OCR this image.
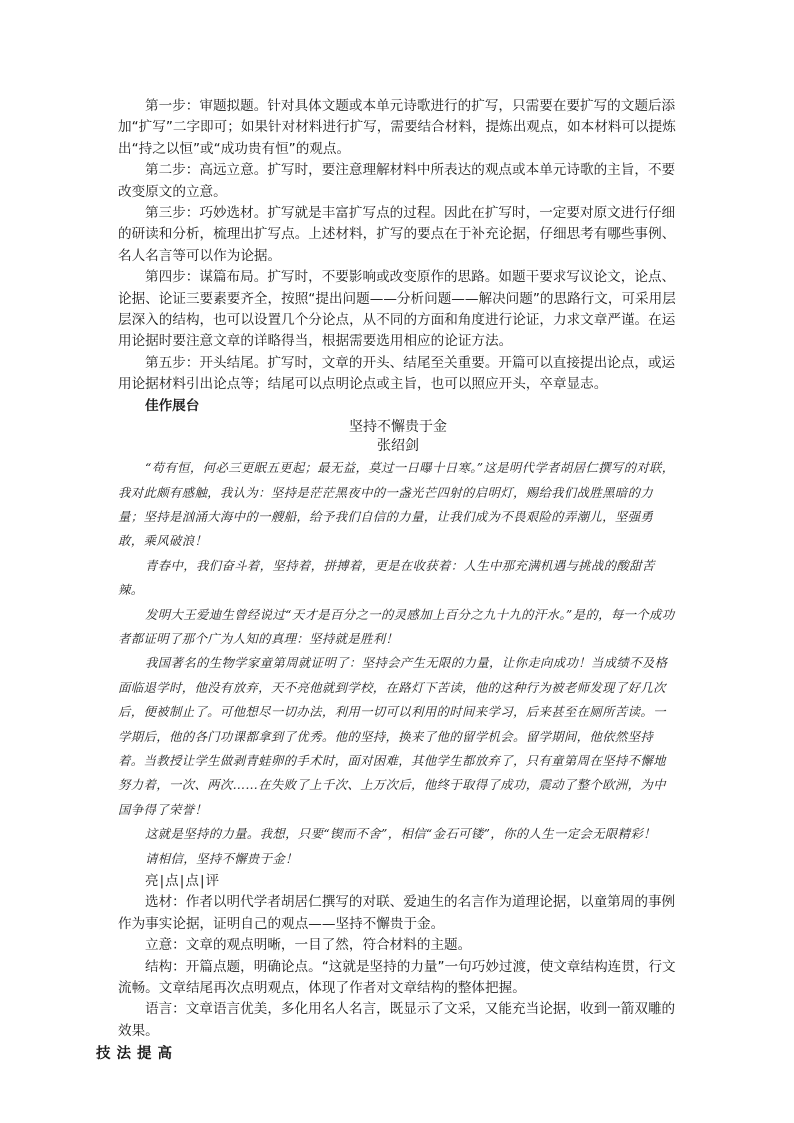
第一步：审题拟题。针对具体文题或本单元诗歌进行的扩写，只需要在要扩写的文题后添加“扩写”二字即可；如果针对材料进行扩写，需要结合材料，提炼出观点，如本材料可以提炼出“持之以恒”或“成功贵有恒”的观点。

第二步：高远立意。扩写时，要注意理解材料中所表达的观点或本单元诗歌的主旨，不要改变原文的立意。

第三步：巧妙选材。扩写就是丰富扩写点的过程。因此在扩写时，一定要对原文进行仔细的研读和分析，梳理出扩写点。上述材料，扩写的要点在于补充论据，仔细思考有哪些事例、名人名言等可以作为论据。

第四步：谋篇布局。扩写时，不要影响或改变原作的思路。如题干要求写议论文，论点、论据、论证三要素要齐全，按照“提出问题——分析问题——解决问题”的思路行文，可采用层层深入的结构，也可以设置几个分论点，从不同的方面和角度进行论证，力求文章严谨。在运用论据时要注意文章的详略得当，根据需要选用相应的论证方法。

第五步：开头结尾。扩写时，文章的开头、结尾至关重要。开篇可以直接提出论点，或运用论据材料引出论点等；结尾可以点明论点或主旨，也可以照应开头，卒章显志。

佳作展台

坚持不懈贵于金

张绍剑

“苟有恒，何必三更眠五更起；最无益，莫过一日曝十日寒。”这是明代学者胡居仁撰写的对联，我对此颇有感触，我认为：坚持是茫茫黑夜中的一盏光芒四射的启明灯，赐给我们战胜黑暗的力量；坚持是汹涌大海中的一艘船，给予我们自信的力量，让我们成为不畏艰险的弄潮儿，坚强勇敢，乘风破浪！

青春中，我们奋斗着，坚持着，拼搏着，更是在收获着：人生中那充满机遇与挑战的酸甜苦辣。

发明大王爱迪生曾经说过“天才是百分之一的灵感加上百分之九十九的汗水。”是的，每一个成功者都证明了那个广为人知的真理：坚持就是胜利！

我国著名的生物学家童第周就证明了：坚持会产生无限的力量，让你走向成功！当成绩不及格面临退学时，他没有放弃，天不亮他就到学校，在路灯下苦读，他的这种行为被老师发现了好几次后，便被制止了。可他想尽一切办法，利用一切可以利用的时间来学习，后来甚至在厕所苦读。一学期后，他的各门功课都拿到了优秀。他的坚持，换来了他的留学机会。留学期间，他依然坚持着。当教授让学生做剥青蛙卵的手术时，面对困难，其他学生都放弃了，只有童第周在坚持不懈地努力着，一次、两次……在失败了上千次、上万次后，他终于取得了成功，震动了整个欧洲，为中国争得了荣誉！

这就是坚持的力量。我想，只要“锲而不舍”，相信“金石可镂”，你的人生一定会无限精彩！

请相信，坚持不懈贵于金！

亮|点|点|评

选材：作者以明代学者胡居仁撰写的对联、爱迪生的名言作为道理论据，以童第周的事例作为事实论据，证明自己的观点——坚持不懈贵于金。

立意：文章的观点明晰，一目了然，符合材料的主题。

结构：开篇点题，明确论点。“这就是坚持的力量”一句巧妙过渡，使文章结构连贯，行文流畅。文章结尾再次点明观点，体现了作者对文章结构的整体把握。

语言：文章语言优美，多化用名人名言，既显示了文采，又能充当论据，收到一箭双雕的效果。

技法提高
